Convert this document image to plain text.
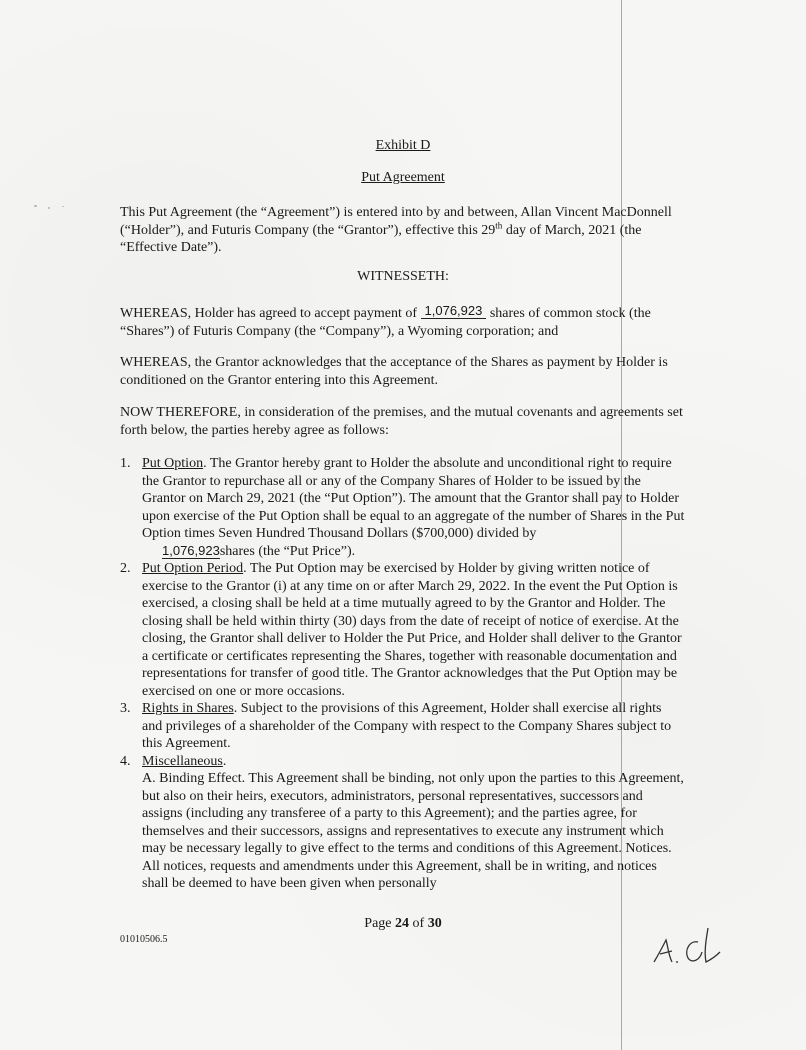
Exhibit D
Put Agreement
This Put Agreement (the “Agreement”) is entered into by and between, Allan Vincent MacDonnell (“Holder”), and Futuris Company (the “Grantor”), effective this 29th day of March, 2021 (the “Effective Date”).
WITNESSETH:
WHEREAS, Holder has agreed to accept payment of 1,076,923 shares of common stock (the “Shares”) of Futuris Company (the “Company”), a Wyoming corporation; and
WHEREAS, the Grantor acknowledges that the acceptance of the Shares as payment by Holder is conditioned on the Grantor entering into this Agreement.
NOW THEREFORE, in consideration of the premises, and the mutual covenants and agreements set forth below, the parties hereby agree as follows:
1. Put Option. The Grantor hereby grant to Holder the absolute and unconditional right to require the Grantor to repurchase all or any of the Company Shares of Holder to be issued by the Grantor on March 29, 2021 (the “Put Option”). The amount that the Grantor shall pay to Holder upon exercise of the Put Option shall be equal to an aggregate of the number of Shares in the Put Option times Seven Hundred Thousand Dollars ($700,000) divided by
1,076,923shares (the “Put Price”).
2. Put Option Period. The Put Option may be exercised by Holder by giving written notice of exercise to the Grantor (i) at any time on or after March 29, 2022. In the event the Put Option is exercised, a closing shall be held at a time mutually agreed to by the Grantor and Holder. The closing shall be held within thirty (30) days from the date of receipt of notice of exercise. At the closing, the Grantor shall deliver to Holder the Put Price, and Holder shall deliver to the Grantor a certificate or certificates representing the Shares, together with reasonable documentation and representations for transfer of good title. The Grantor acknowledges that the Put Option may be exercised on one or more occasions.
3. Rights in Shares. Subject to the provisions of this Agreement, Holder shall exercise all rights and privileges of a shareholder of the Company with respect to the Company Shares subject to this Agreement.
4. Miscellaneous.
A. Binding Effect. This Agreement shall be binding, not only upon the parties to this Agreement, but also on their heirs, executors, administrators, personal representatives, successors and assigns (including any transferee of a party to this Agreement); and the parties agree, for themselves and their successors, assigns and representatives to execute any instrument which may be necessary legally to give effect to the terms and conditions of this Agreement. Notices. All notices, requests and amendments under this Agreement, shall be in writing, and notices shall be deemed to have been given when personally
Page 24 of 30
01010506.5
